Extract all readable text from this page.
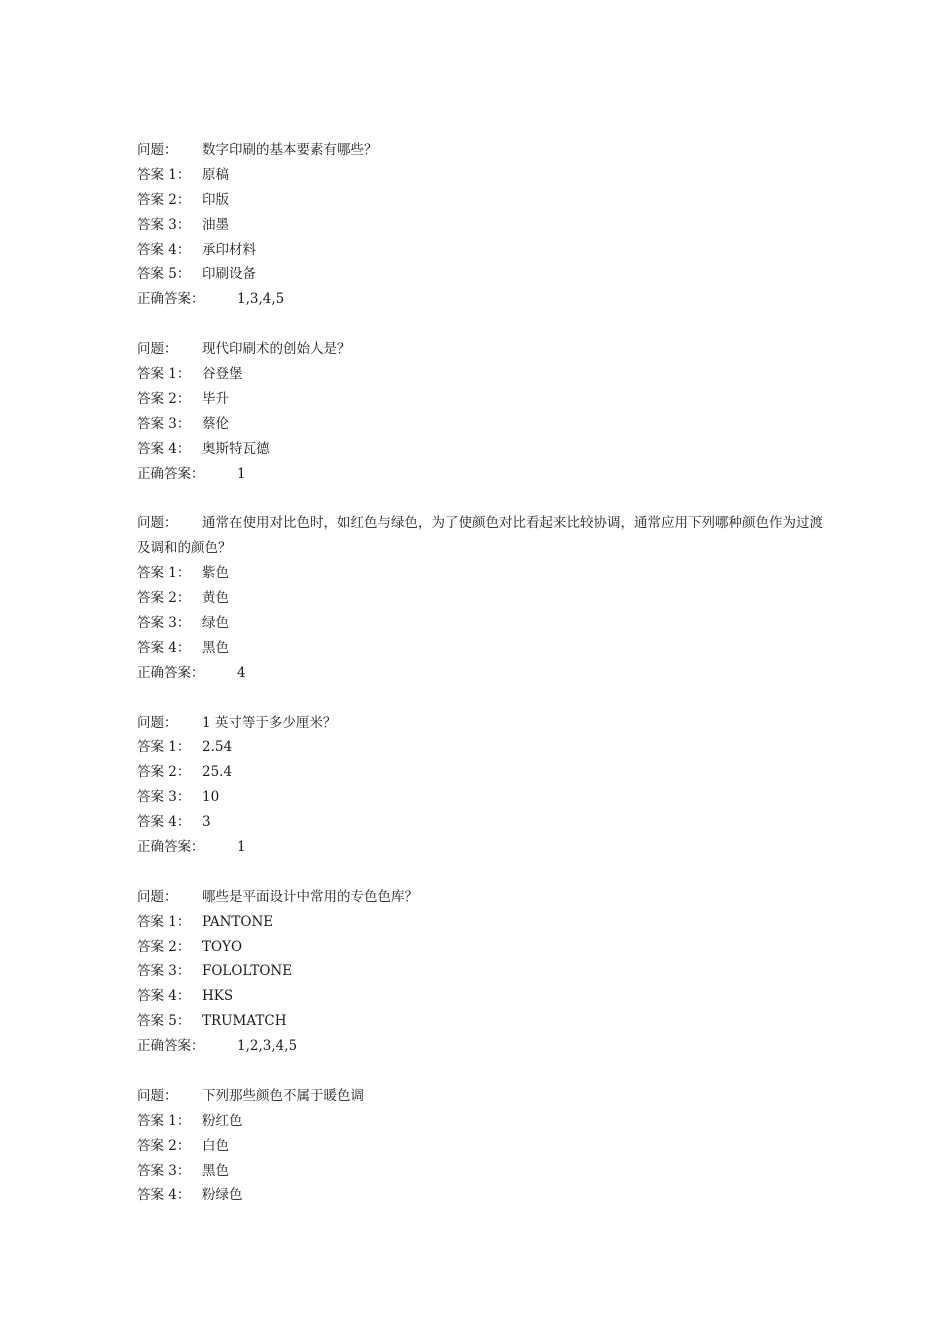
问题：	数字印刷的基本要素有哪些？
答案 1： 原稿
答案 2： 印版
答案 3： 油墨
答案 4： 承印材料
答案 5： 印刷设备
正确答案：	1,3,4,5
问题：	现代印刷术的创始人是？
答案 1： 谷登堡
答案 2： 毕升
答案 3： 蔡伦
答案 4： 奥斯特瓦德
正确答案：	1

问题： 通常在使用对比色时，如红色与绿色，为了使颜色对比看起来比较协调，通常应用下列哪种颜色作为过渡及调和的颜色？

答案 1： 紫色
答案 2： 黄色
答案 3： 绿色
答案 4： 黑色
正确答案：	4
问题：	1 英寸等于多少厘米？
答案 1： 2.54
答案 2： 25.4
答案 3： 10
答案 4： 3
正确答案：	1
问题：	哪些是平面设计中常用的专色色库？
答案 1： PANTONE
答案 2： TOYO
答案 3： FOLOLTONE
答案 4： HKS
答案 5： TRUMATCH
正确答案：	1,2,3,4,5
问题：	下列那些颜色不属于暖色调
答案 1： 粉红色
答案 2： 白色
答案 3： 黑色
答案 4： 粉绿色
